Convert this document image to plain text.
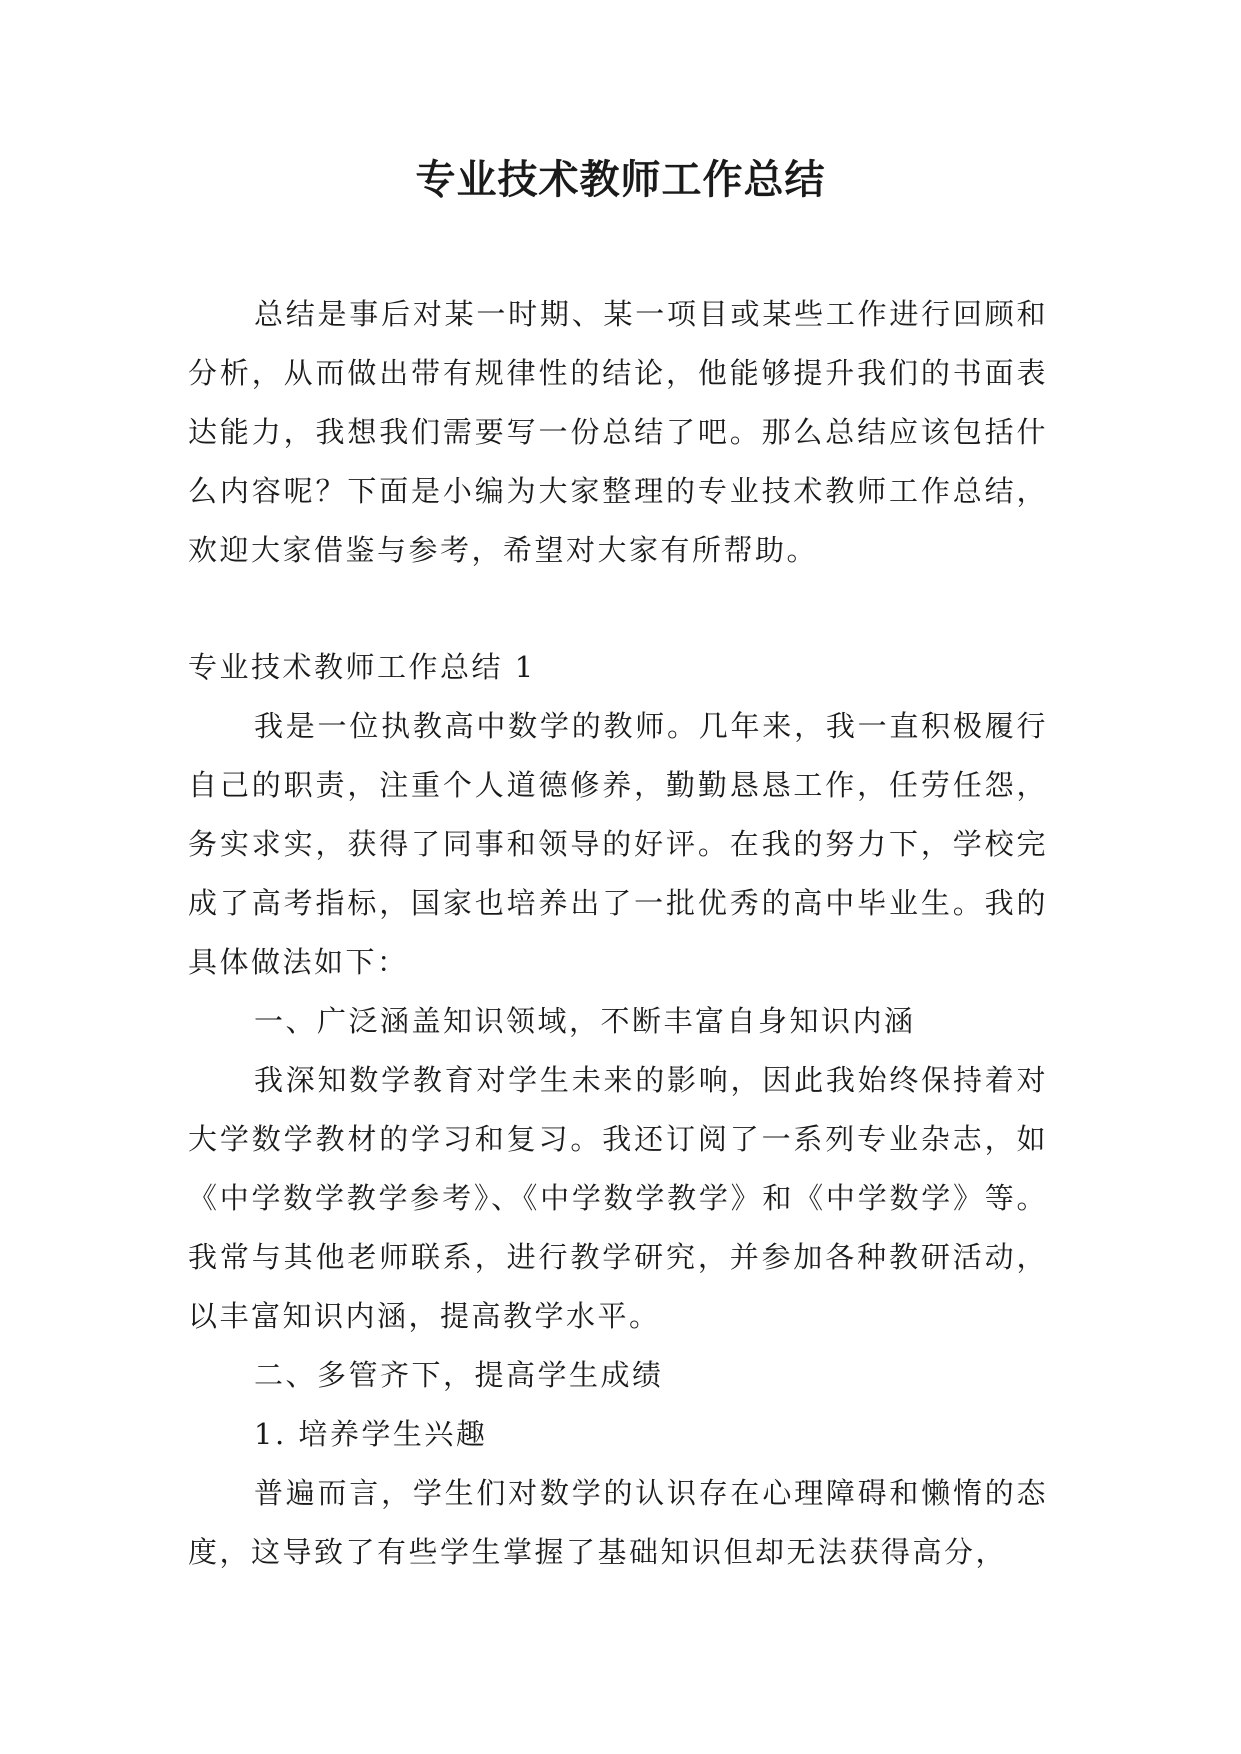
专业技术教师工作总结

总结是事后对某一时期、某一项目或某些工作进行回顾和分析，从而做出带有规律性的结论，他能够提升我们的书面表达能力，我想我们需要写一份总结了吧。那么总结应该包括什么内容呢？下面是小编为大家整理的专业技术教师工作总结，欢迎大家借鉴与参考，希望对大家有所帮助。

专业技术教师工作总结 1

我是一位执教高中数学的教师。几年来，我一直积极履行自己的职责，注重个人道德修养，勤勤恳恳工作，任劳任怨，务实求实，获得了同事和领导的好评。在我的努力下，学校完成了高考指标，国家也培养出了一批优秀的高中毕业生。我的具体做法如下：

一、广泛涵盖知识领域，不断丰富自身知识内涵

我深知数学教育对学生未来的影响，因此我始终保持着对大学数学教材的学习和复习。我还订阅了一系列专业杂志，如《中学数学教学参考》、《中学数学教学》和《中学数学》等。我常与其他老师联系，进行教学研究，并参加各种教研活动，以丰富知识内涵，提高教学水平。

二、多管齐下，提高学生成绩

1. 培养学生兴趣

普遍而言，学生们对数学的认识存在心理障碍和懒惰的态度，这导致了有些学生掌握了基础知识但却无法获得高分，
